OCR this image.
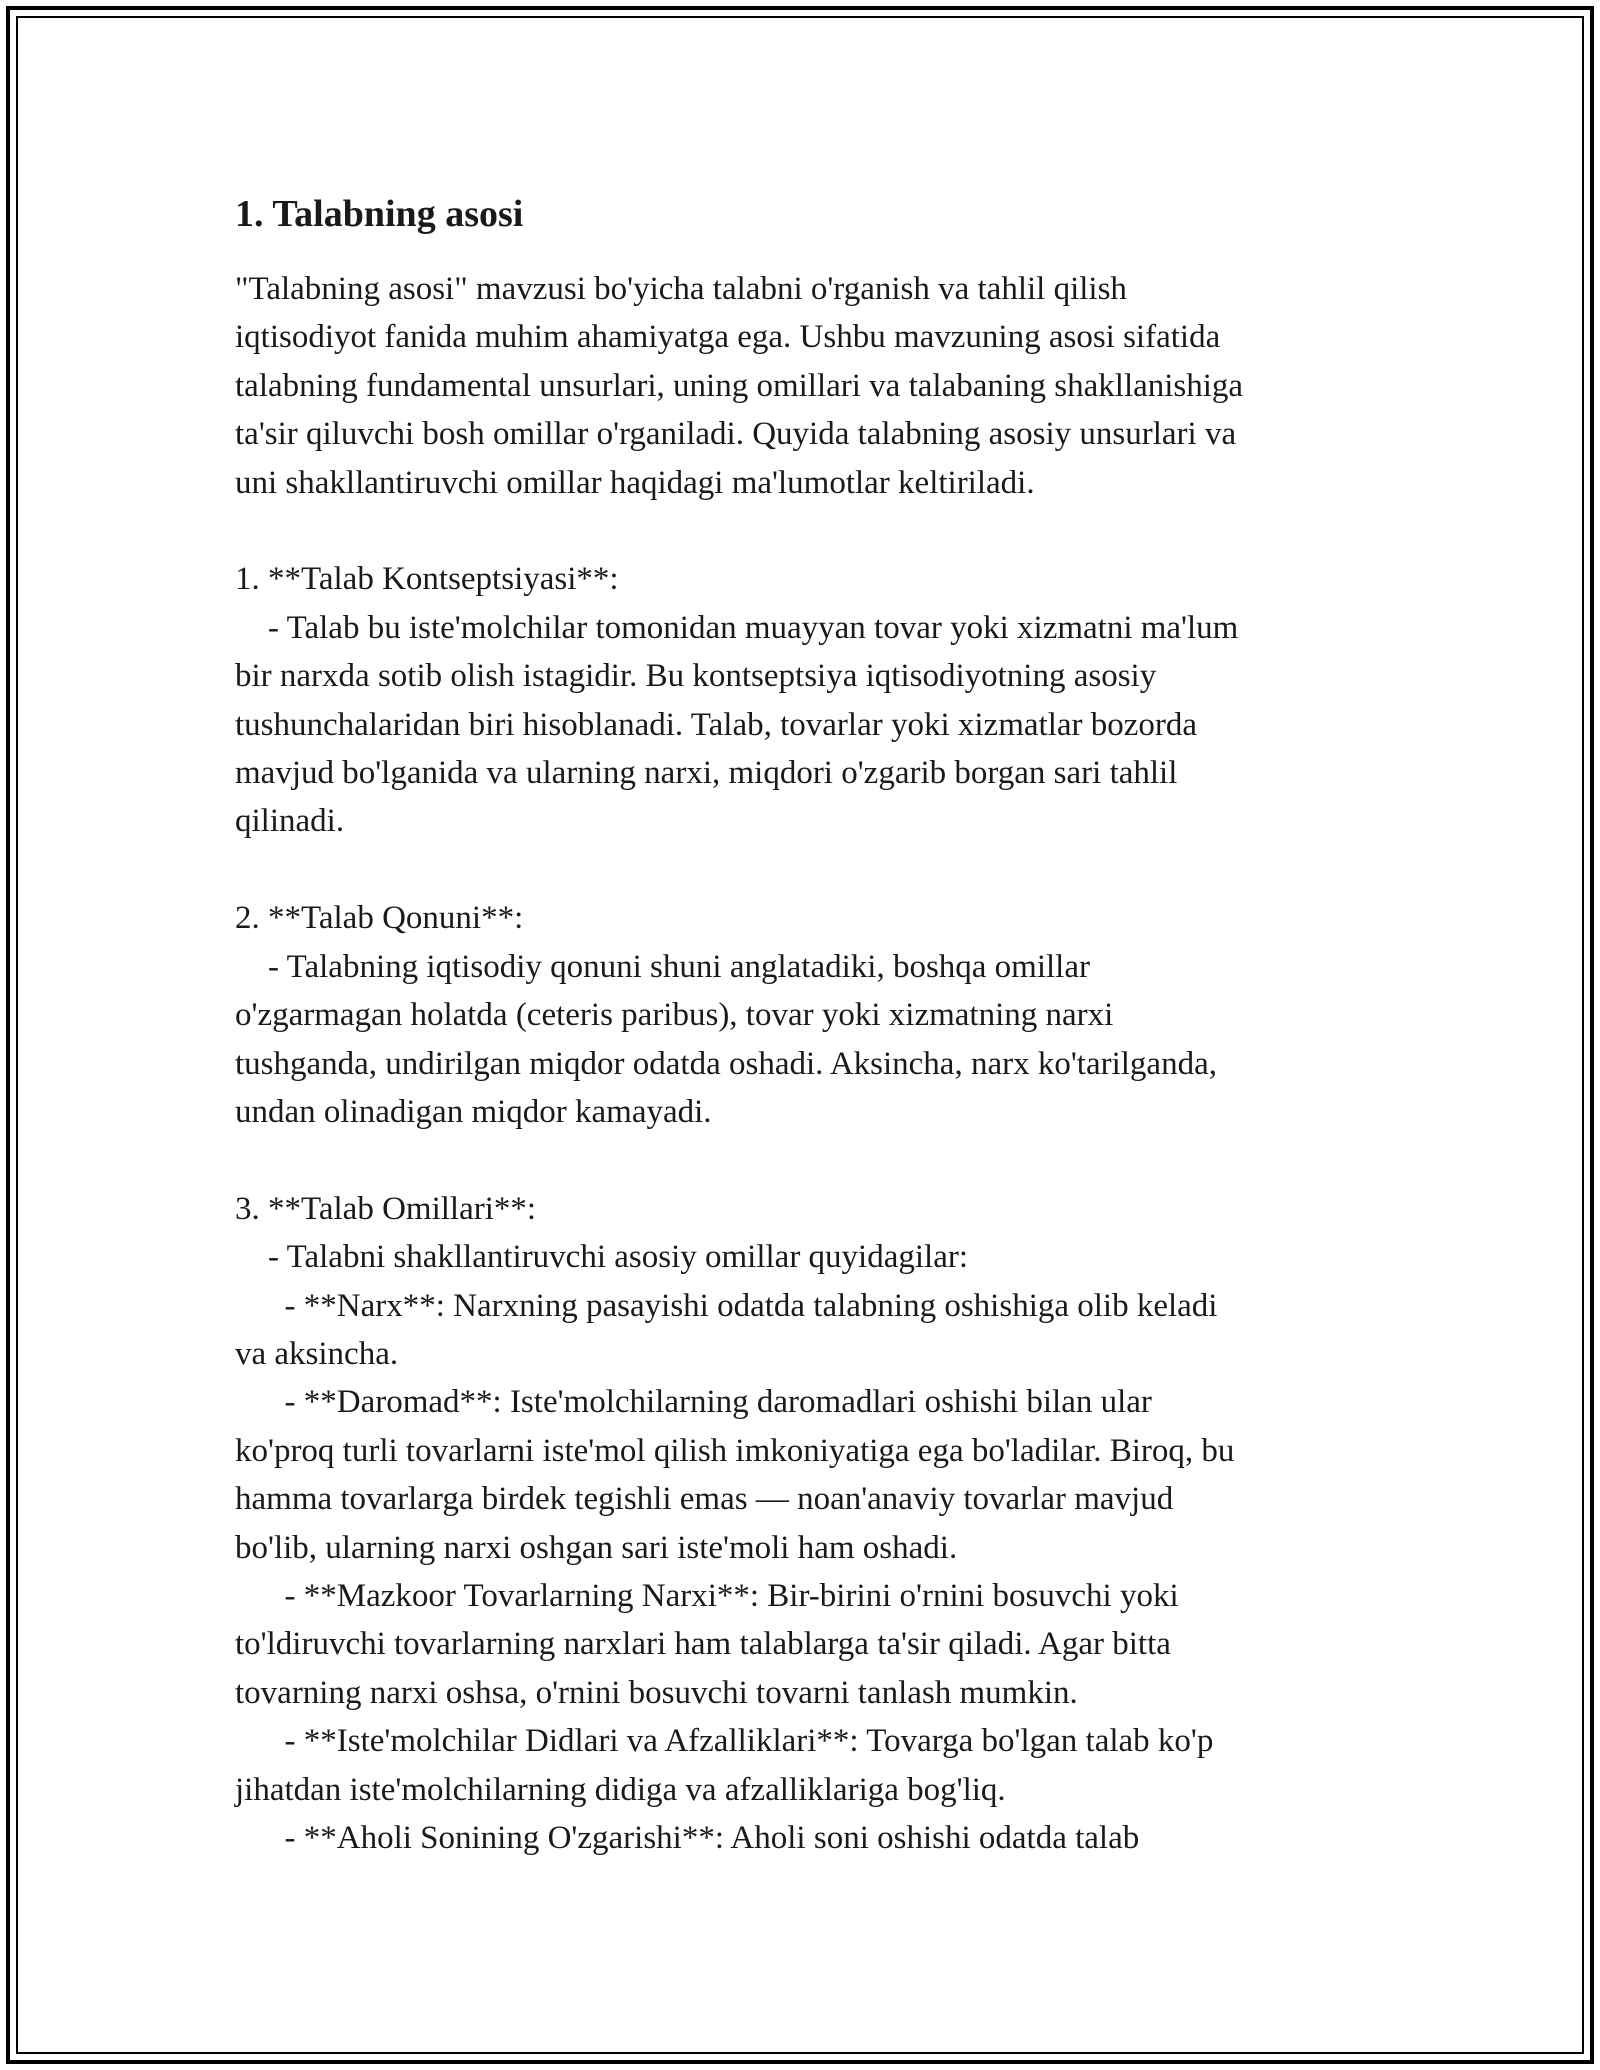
1. Talabning asosi

"Talabning asosi" mavzusi bo'yicha talabni o'rganish va tahlil qilish
iqtisodiyot fanida muhim ahamiyatga ega. Ushbu mavzuning asosi sifatida
talabning fundamental unsurlari, uning omillari va talabaning shakllanishiga
ta'sir qiluvchi bosh omillar o'rganiladi. Quyida talabning asosiy unsurlari va
uni shakllantiruvchi omillar haqidagi ma'lumotlar keltiriladi.

1. **Talab Kontseptsiyasi**:
- Talab bu iste'molchilar tomonidan muayyan tovar yoki xizmatni ma'lum
bir narxda sotib olish istagidir. Bu kontseptsiya iqtisodiyotning asosiy
tushunchalaridan biri hisoblanadi. Talab, tovarlar yoki xizmatlar bozorda
mavjud bo'lganida va ularning narxi, miqdori o'zgarib borgan sari tahlil
qilinadi.

2. **Talab Qonuni**:
- Talabning iqtisodiy qonuni shuni anglatadiki, boshqa omillar
o'zgarmagan holatda (ceteris paribus), tovar yoki xizmatning narxi
tushganda, undirilgan miqdor odatda oshadi. Aksincha, narx ko'tarilganda,
undan olinadigan miqdor kamayadi.

3. **Talab Omillari**:
- Talabni shakllantiruvchi asosiy omillar quyidagilar:
- **Narx**: Narxning pasayishi odatda talabning oshishiga olib keladi
va aksincha.
- **Daromad**: Iste'molchilarning daromadlari oshishi bilan ular
ko'proq turli tovarlarni iste'mol qilish imkoniyatiga ega bo'ladilar. Biroq, bu
hamma tovarlarga birdek tegishli emas — noan'anaviy tovarlar mavjud
bo'lib, ularning narxi oshgan sari iste'moli ham oshadi.
- **Mazkoor Tovarlarning Narxi**: Bir-birini o'rnini bosuvchi yoki
to'ldiruvchi tovarlarning narxlari ham talablarga ta'sir qiladi. Agar bitta
tovarning narxi oshsa, o'rnini bosuvchi tovarni tanlash mumkin.
- **Iste'molchilar Didlari va Afzalliklari**: Tovarga bo'lgan talab ko'p
jihatdan iste'molchilarning didiga va afzalliklariga bog'liq.
- **Aholi Sonining O'zgarishi**: Aholi soni oshishi odatda talab
